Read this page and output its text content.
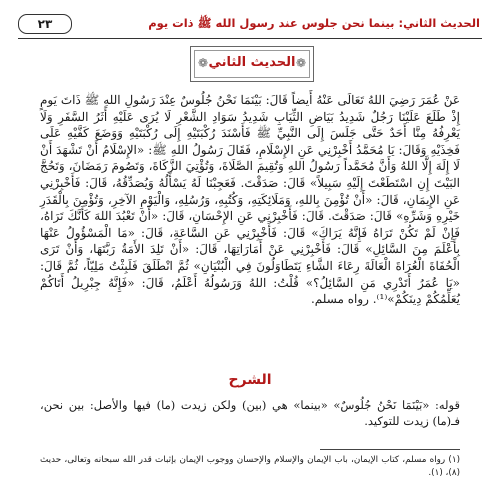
الحديث الثاني: بينما نحن جلوس عند رسول الله ﷺ ذات يوم
٢٣
❁
الحديث الثاني
❁

عَنْ عُمَرَ رَضِيَ اللهُ تَعَالَى عَنْهُ أَيضاً قَالَ: بَيْنَمَا نَحْنُ جُلُوسٌ عِنْدَ رَسُولِ اللهِ ﷺ ذَاتَ يَومٍ إِذْ طَلَعَ عَلَيْنَا رَجُلٌ شَدِيدُ بَيَاضِ الثِّيَابِ شَدِيدُ سَوَادِ الشَّعْرِ لَا يُرَى عَلَيْهِ أَثَرُ السَّفَرِ وَلَا يَعْرِفُهُ مِنَّا أَحَدٌ حَتَّى جَلَسَ إِلَى النَّبِيِّ ﷺ فَأَسْنَدَ رُكْبَتَيْهِ إِلَى رُكْبَتَيْهِ وَوَضَعَ كَفَّيْهِ عَلَى فَخِذَيْهِ وَقَالَ: يَا مُحَمَّدُ أَخْبِرْنِي عَنِ الإِسْلَامِ، فَقَالَ رَسُولُ اللهِ ﷺ: «الإِسْلَامُ أَنْ تَشْهَدَ أَنْ لَا إِلَهَ إِلَّا اللهُ وَأَنَّ مُحَمَّداً رَسُولُ اللهِ وَتُقِيمَ الصَّلَاةَ، وَتُؤْتِيَ الزَّكَاةَ، وَتَصُومَ رَمَضَانَ، وَتَحُجَّ البَيْتَ إِنِ اسْتَطَعْتَ إِلَيْهِ سَبِيلاً» قَالَ: صَدَقْتَ. فَعَجِبْنَا لَهُ يَسْأَلُهُ وَيُصَدِّقُهُ، قَالَ: فَأَخْبِرْنِي عَنِ الإِيمَانِ، قَالَ: «أَنْ تُؤْمِنَ بِاللهِ، وَمَلَائِكَتِهِ، وَكُتُبِهِ، وَرُسُلِهِ، وَالْيَوْمِ الآخِرِ، وَتُؤْمِنَ بِالْقَدَرِ خَيْرِهِ وَشَرِّهِ» قَالَ: صَدَقْتَ. قَالَ: فَأَخْبِرْنِي عَنِ الإِحْسَانِ، قَالَ: «أَنْ تَعْبُدَ اللهَ كَأَنَّكَ تَرَاهُ، فَإِنْ لَمْ تَكُنْ تَرَاهُ فَإِنَّهُ يَرَاكَ» قَالَ: فَأَخْبِرْنِي عَنِ السَّاعَةِ، قَالَ: «مَا الْمَسْؤُولُ عَنْهَا بِأَعْلَمَ مِنَ السَّائِلِ» قَالَ: فَأَخْبِرْنِي عَنْ أَمَارَاتِهَا، قَالَ: «أَنْ تَلِدَ الأَمَةُ رَبَّتَهَا، وَأَنْ تَرَى الْحُفَاةَ الْعُرَاةَ الْعَالَةَ رِعَاءَ الشَّاءِ يَتَطَاوَلُونَ فِي الْبُنْيَانِ» ثُمَّ انْطَلَقَ فَلَبِثْتُ مَلِيّاً، ثُمَّ قَالَ: «يَا عُمَرُ أَتَدْرِي مَنِ السَّائِلُ؟» قُلْتُ: اللهُ وَرَسُولُهُ أَعْلَمُ، قَالَ: «فَإِنَّهُ جِبْرِيلُ أَتَاكُمْ يُعَلِّمُكُمْ دِينَكُمْ»⁽¹⁾. رواه مسلم.

الشرح

قوله: «بَيْنَمَا نَحْنُ جُلُوسٌ» «بينما» هي (بين) ولكن زيدت (ما) فيها والأصل: بين نحن، فـ(ما) زيدت للتوكيد.

(١) رواه مسلم، كتاب الإيمان، باب الإيمان والإسلام والإحسان ووجوب الإيمان بإثبات قدر الله سبحانه وتعالى، حديث (٨)، (١).
